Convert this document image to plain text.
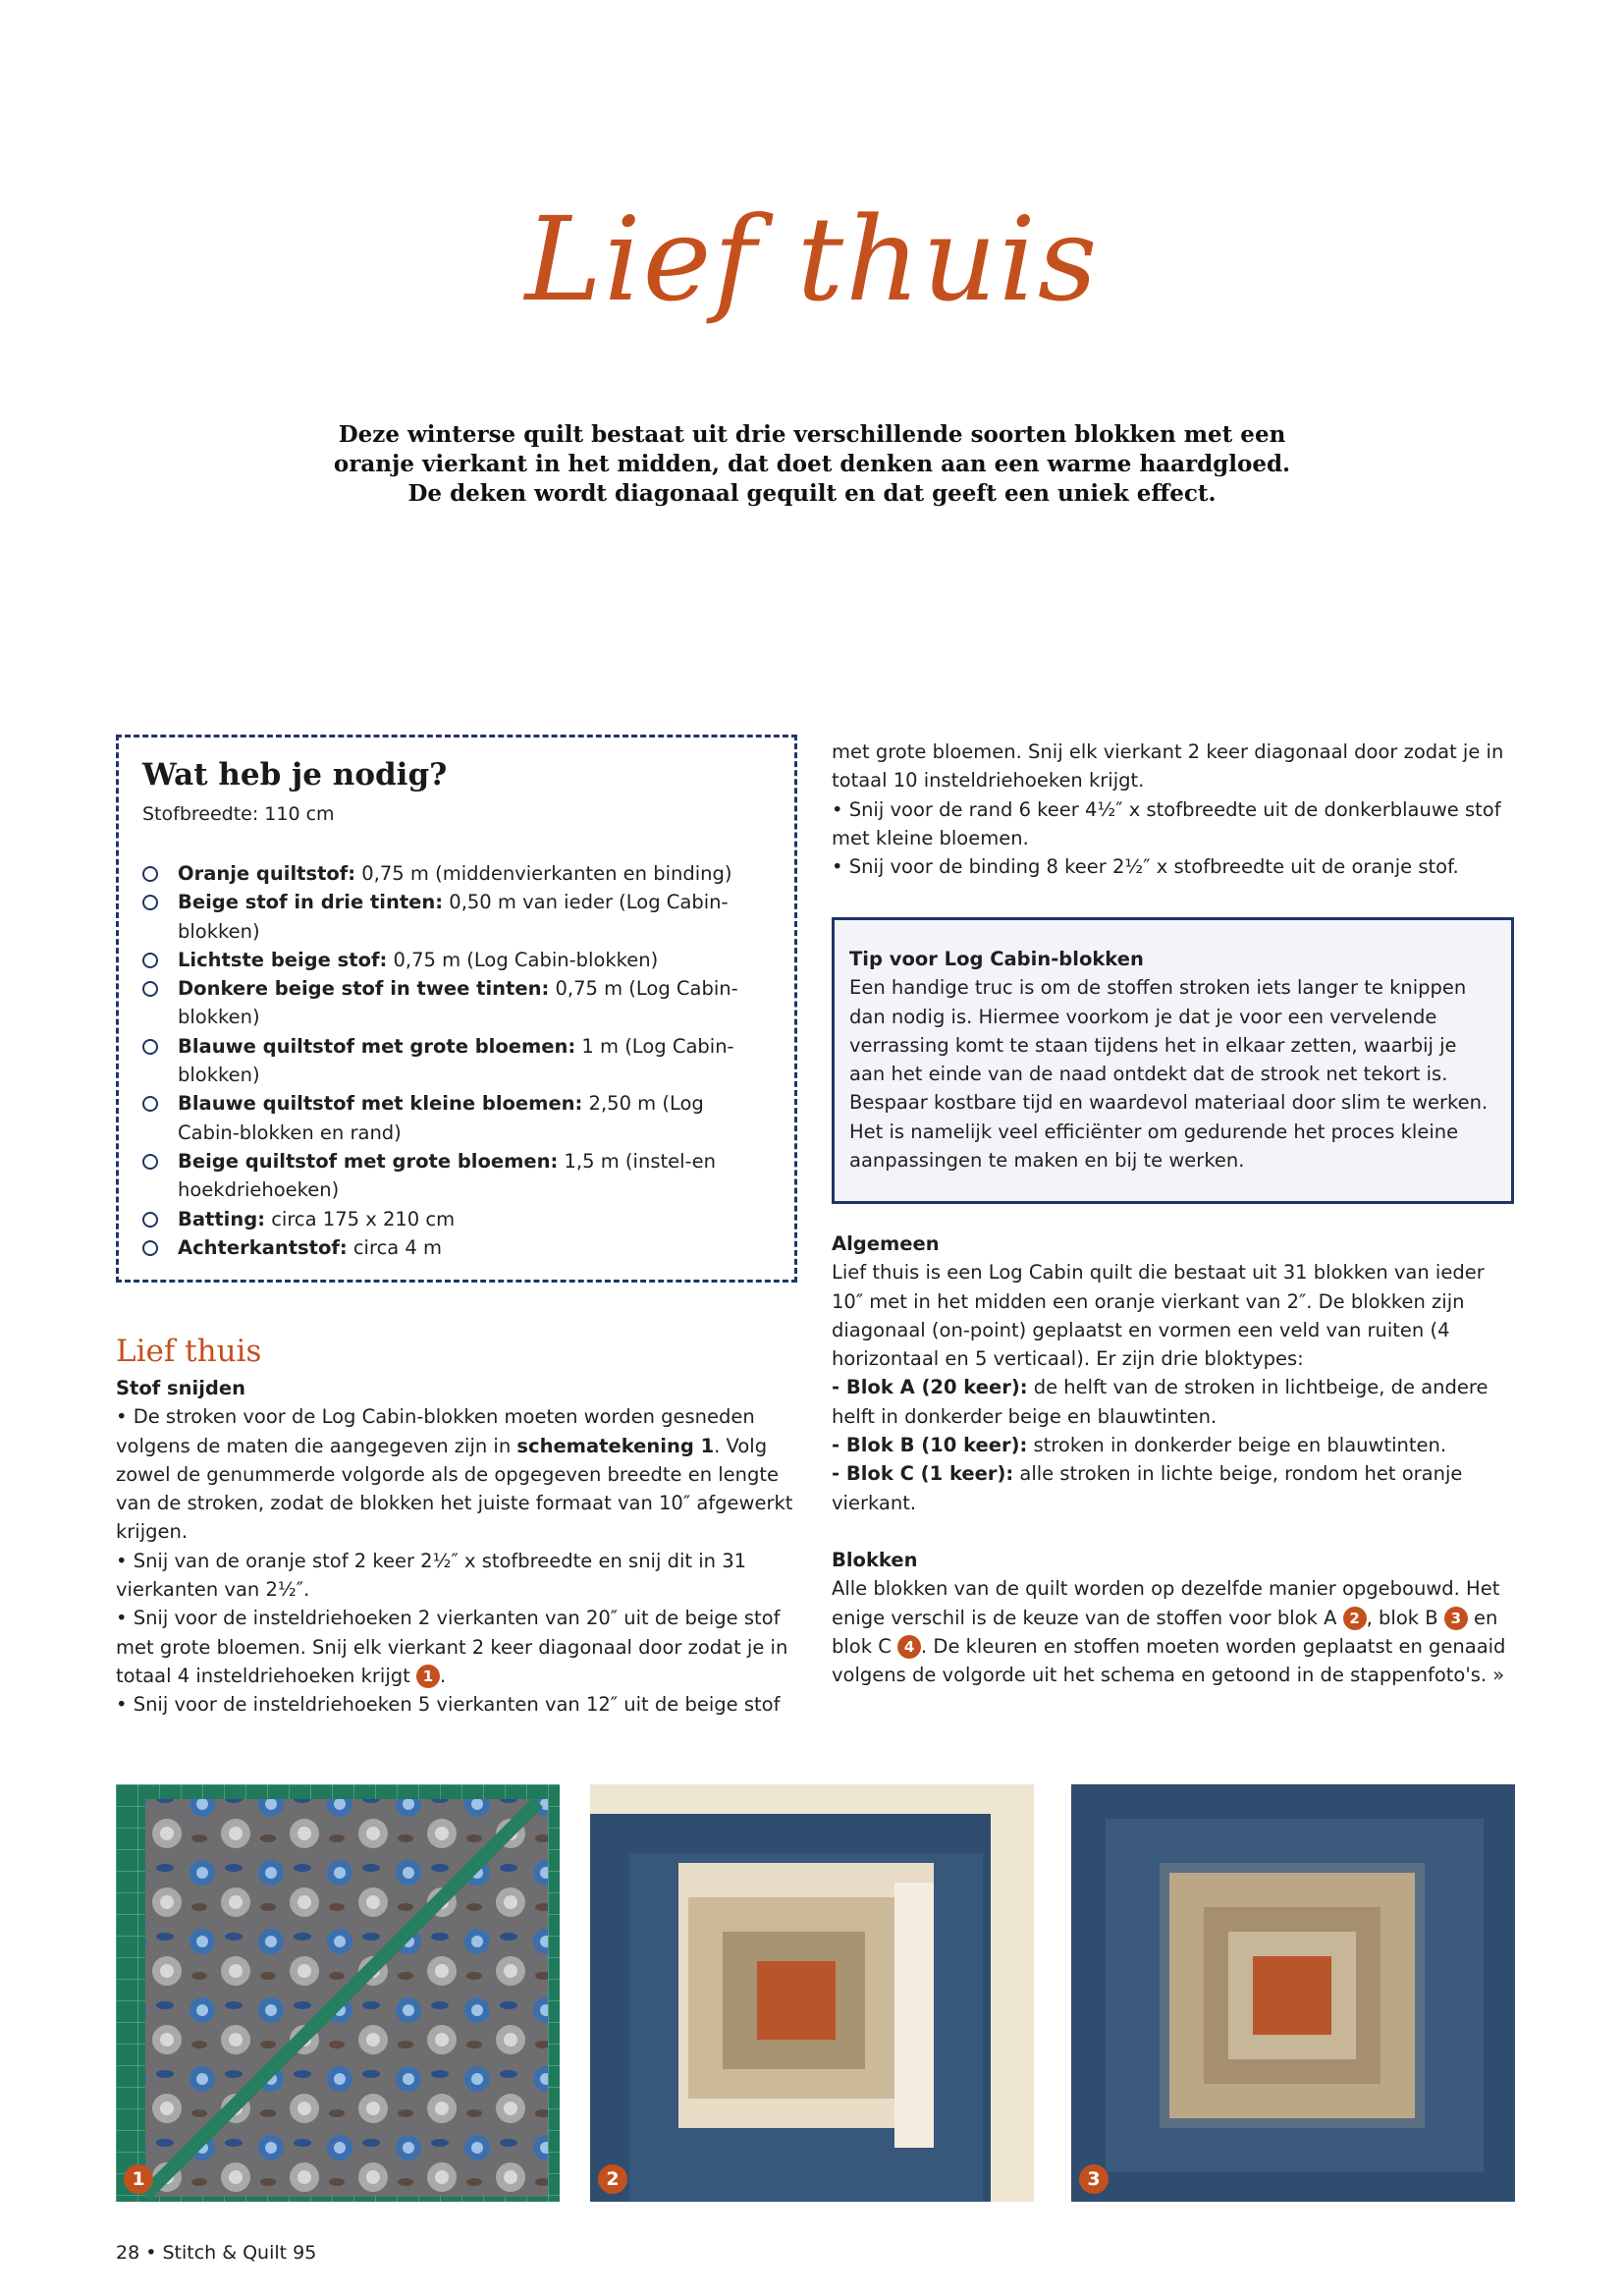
Lief thuis
Deze winterse quilt bestaat uit drie verschillende soorten blokken met een
oranje vierkant in het midden, dat doet denken aan een warme haardgloed.
De deken wordt diagonaal gequilt en dat geeft een uniek effect.
Wat heb je nodig?
Stofbreedte: 110 cm
Oranje quiltstof: 0,75 m (middenvierkanten en binding)
Beige stof in drie tinten: 0,50 m van ieder (Log Cabin-blokken)
Lichtste beige stof: 0,75 m (Log Cabin-blokken)
Donkere beige stof in twee tinten: 0,75 m (Log Cabin-blokken)
Blauwe quiltstof met grote bloemen: 1 m (Log Cabin-blokken)
Blauwe quiltstof met kleine bloemen: 2,50 m (Log Cabin-blokken en rand)
Beige quiltstof met grote bloemen: 1,5 m (instel-en hoekdriehoeken)
Batting: circa 175 x 210 cm
Achterkantstof: circa 4 m
Lief thuis
Stof snijden
• De stroken voor de Log Cabin-blokken moeten worden gesneden volgens de maten die aangegeven zijn in schematekening 1. Volg zowel de genummerde volgorde als de opgegeven breedte en lengte van de stroken, zodat de blokken het juiste formaat van 10″ afgewerkt krijgen.
• Snij van de oranje stof 2 keer 2½″ x stofbreedte en snij dit in 31 vierkanten van 2½″.
• Snij voor de insteldriehoeken 2 vierkanten van 20″ uit de beige stof met grote bloemen. Snij elk vierkant 2 keer diagonaal door zodat je in totaal 4 insteldriehoeken krijgt 1 .
• Snij voor de insteldriehoeken 5 vierkanten van 12″ uit de beige stof
met grote bloemen. Snij elk vierkant 2 keer diagonaal door zodat je in totaal 10 insteldriehoeken krijgt.
• Snij voor de rand 6 keer 4½″ x stofbreedte uit de donkerblauwe stof met kleine bloemen.
• Snij voor de binding 8 keer 2½″ x stofbreedte uit de oranje stof.
Tip voor Log Cabin-blokken
Een handige truc is om de stoffen stroken iets langer te knippen dan nodig is. Hiermee voorkom je dat je voor een vervelende verrassing komt te staan tijdens het in elkaar zetten, waarbij je aan het einde van de naad ontdekt dat de strook net tekort is. Bespaar kostbare tijd en waardevol materiaal door slim te werken. Het is namelijk veel efficiënter om gedurende het proces kleine aanpassingen te maken en bij te werken.
Algemeen
Lief thuis is een Log Cabin quilt die bestaat uit 31 blokken van ieder 10″ met in het midden een oranje vierkant van 2″. De blokken zijn diagonaal (on-point) geplaatst en vormen een veld van ruiten (4 horizontaal en 5 verticaal). Er zijn drie bloktypes:
- Blok A (20 keer): de helft van de stroken in lichtbeige, de andere helft in donkerder beige en blauwtinten.
- Blok B (10 keer): stroken in donkerder beige en blauwtinten.
- Blok C (1 keer): alle stroken in lichte beige, rondom het oranje vierkant.
Blokken
Alle blokken van de quilt worden op dezelfde manier opgebouwd. Het enige verschil is de keuze van de stoffen voor blok A 2 , blok B 3 en blok C 4 . De kleuren en stoffen moeten worden geplaatst en genaaid volgens de volgorde uit het schema en getoond in de stappenfoto's. »
1	2	3
28 • Stitch & Quilt 95
